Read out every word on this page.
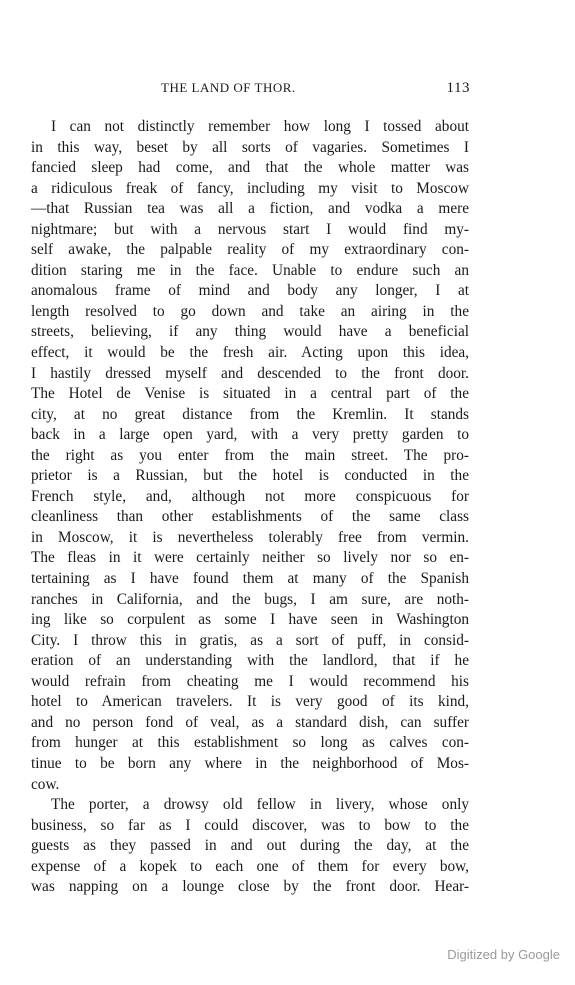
THE LAND OF THOR.	113
I can not distinctly remember how long I tossed about
in this way, beset by all sorts of vagaries. Sometimes I
fancied sleep had come, and that the whole matter was
a ridiculous freak of fancy, including my visit to Moscow
—that Russian tea was all a fiction, and vodka a mere
nightmare; but with a nervous start I would find my-
self awake, the palpable reality of my extraordinary con-
dition staring me in the face. Unable to endure such an
anomalous frame of mind and body any longer, I at
length resolved to go down and take an airing in the
streets, believing, if any thing would have a beneficial
effect, it would be the fresh air. Acting upon this idea,
I hastily dressed myself and descended to the front door.
The Hotel de Venise is situated in a central part of the
city, at no great distance from the Kremlin. It stands
back in a large open yard, with a very pretty garden to
the right as you enter from the main street. The pro-
prietor is a Russian, but the hotel is conducted in the
French style, and, although not more conspicuous for
cleanliness than other establishments of the same class
in Moscow, it is nevertheless tolerably free from vermin.
The fleas in it were certainly neither so lively nor so en-
tertaining as I have found them at many of the Spanish
ranches in California, and the bugs, I am sure, are noth-
ing like so corpulent as some I have seen in Washington
City. I throw this in gratis, as a sort of puff, in consid-
eration of an understanding with the landlord, that if he
would refrain from cheating me I would recommend his
hotel to American travelers. It is very good of its kind,
and no person fond of veal, as a standard dish, can suffer
from hunger at this establishment so long as calves con-
tinue to be born any where in the neighborhood of Mos-
cow.
The porter, a drowsy old fellow in livery, whose only
business, so far as I could discover, was to bow to the
guests as they passed in and out during the day, at the
expense of a kopek to each one of them for every bow,
was napping on a lounge close by the front door. Hear-
Digitized by Google
